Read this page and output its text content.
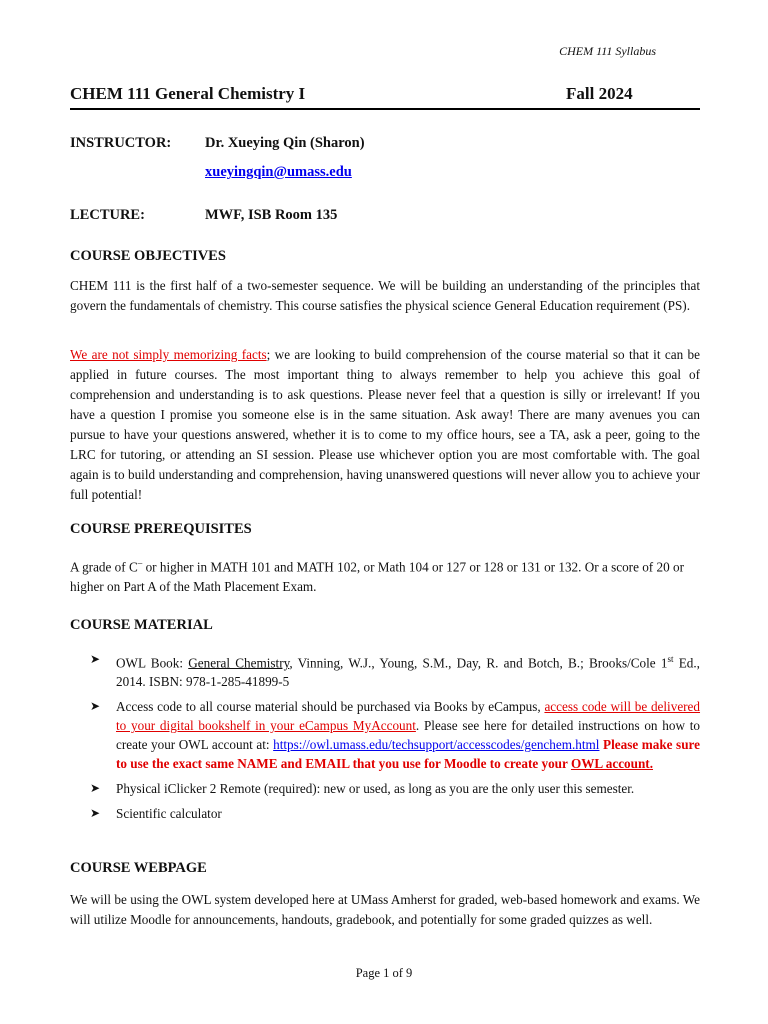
CHEM 111 Syllabus
CHEM 111 General Chemistry I	Fall 2024
INSTRUCTOR: Dr. Xueying Qin (Sharon)
xueyingqin@umass.edu
LECTURE:	MWF, ISB Room 135
COURSE OBJECTIVES
CHEM 111 is the first half of a two-semester sequence. We will be building an understanding of the principles that govern the fundamentals of chemistry. This course satisfies the physical science General Education requirement (PS).
We are not simply memorizing facts; we are looking to build comprehension of the course material so that it can be applied in future courses. The most important thing to always remember to help you achieve this goal of comprehension and understanding is to ask questions. Please never feel that a question is silly or irrelevant! If you have a question I promise you someone else is in the same situation. Ask away! There are many avenues you can pursue to have your questions answered, whether it is to come to my office hours, see a TA, ask a peer, going to the LRC for tutoring, or attending an SI session. Please use whichever option you are most comfortable with. The goal again is to build understanding and comprehension, having unanswered questions will never allow you to achieve your full potential!
COURSE PREREQUISITES
A grade of C– or higher in MATH 101 and MATH 102, or Math 104 or 127 or 128 or 131 or 132. Or a score of 20 or higher on Part A of the Math Placement Exam.
COURSE MATERIAL
➤ OWL Book: General Chemistry, Vinning, W.J., Young, S.M., Day, R. and Botch, B.; Brooks/Cole 1st Ed., 2014. ISBN: 978-1-285-41899-5
➤ Access code to all course material should be purchased via Books by eCampus, access code will be delivered to your digital bookshelf in your eCampus MyAccount. Please see here for detailed instructions on how to create your OWL account at: https://owl.umass.edu/techsupport/accesscodes/genchem.html Please make sure to use the exact same NAME and EMAIL that you use for Moodle to create your OWL account.
➤ Physical iClicker 2 Remote (required): new or used, as long as you are the only user this semester.
➤ Scientific calculator
COURSE WEBPAGE
We will be using the OWL system developed here at UMass Amherst for graded, web-based homework and exams. We will utilize Moodle for announcements, handouts, gradebook, and potentially for some graded quizzes as well.
Page 1 of 9
